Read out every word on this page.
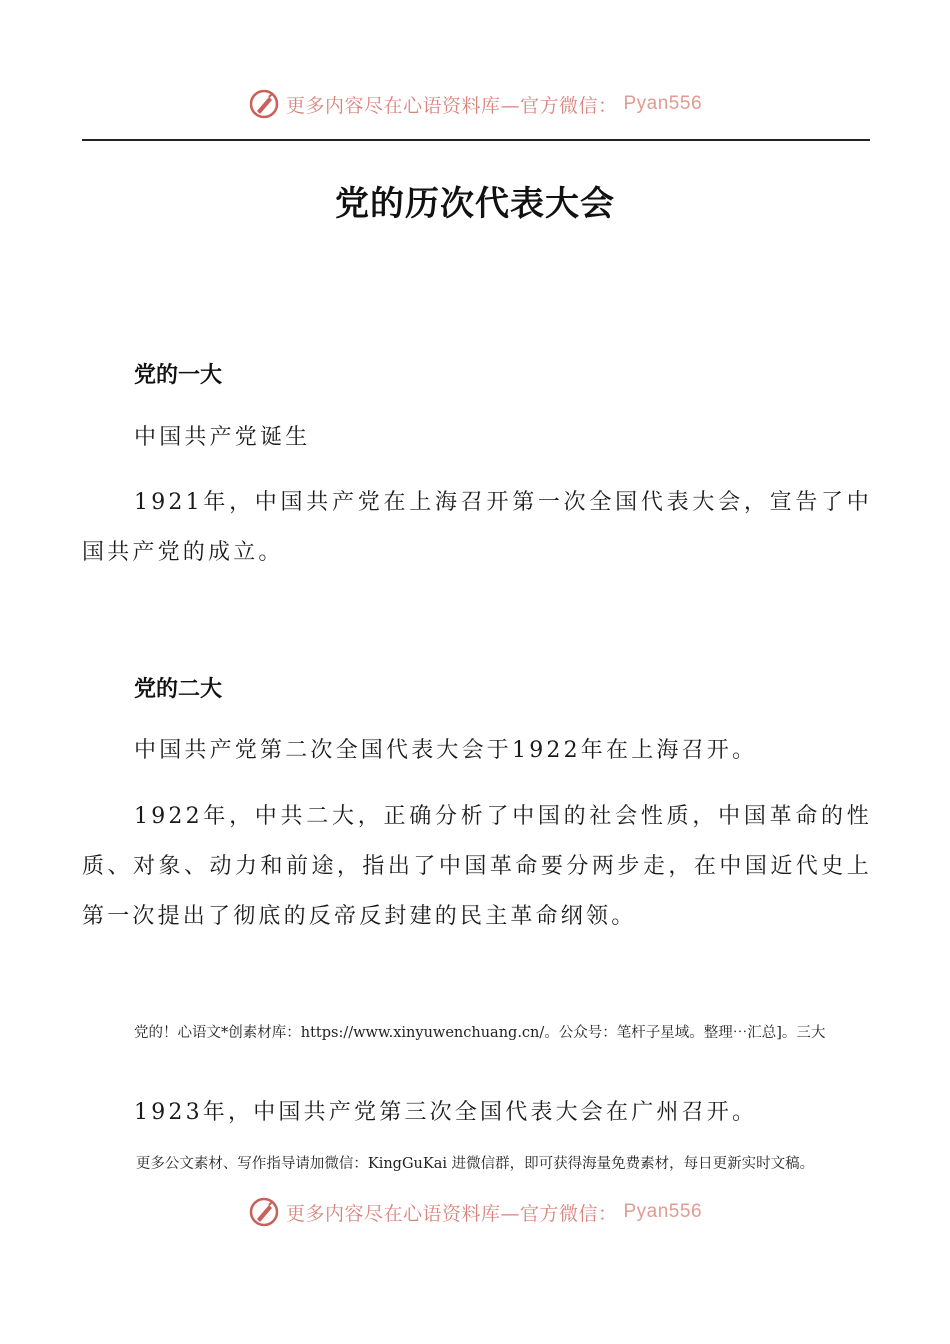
更多内容尽在心语资料库—官方微信： Pyan556
党的历次代表大会
党的一大
中国共产党诞生
1921年，中国共产党在上海召开第一次全国代表大会，宣告了中国共产党的成立。
党的二大
中国共产党第二次全国代表大会于1922年在上海召开。
1922年，中共二大，正确分析了中国的社会性质，中国革命的性质、对象、动力和前途，指出了中国革命要分两步走，在中国近代史上第一次提出了彻底的反帝反封建的民主革命纲领。
党的！心语文*创素材库：https://www.xinyuwenchuang.cn/。公众号：笔杆子星域。整理⋯汇总]。三大
1923年，中国共产党第三次全国代表大会在广州召开。
更多公文素材、写作指导请加微信：KingGuKai 进微信群，即可获得海量免费素材，每日更新实时文稿。
更多内容尽在心语资料库—官方微信： Pyan556
